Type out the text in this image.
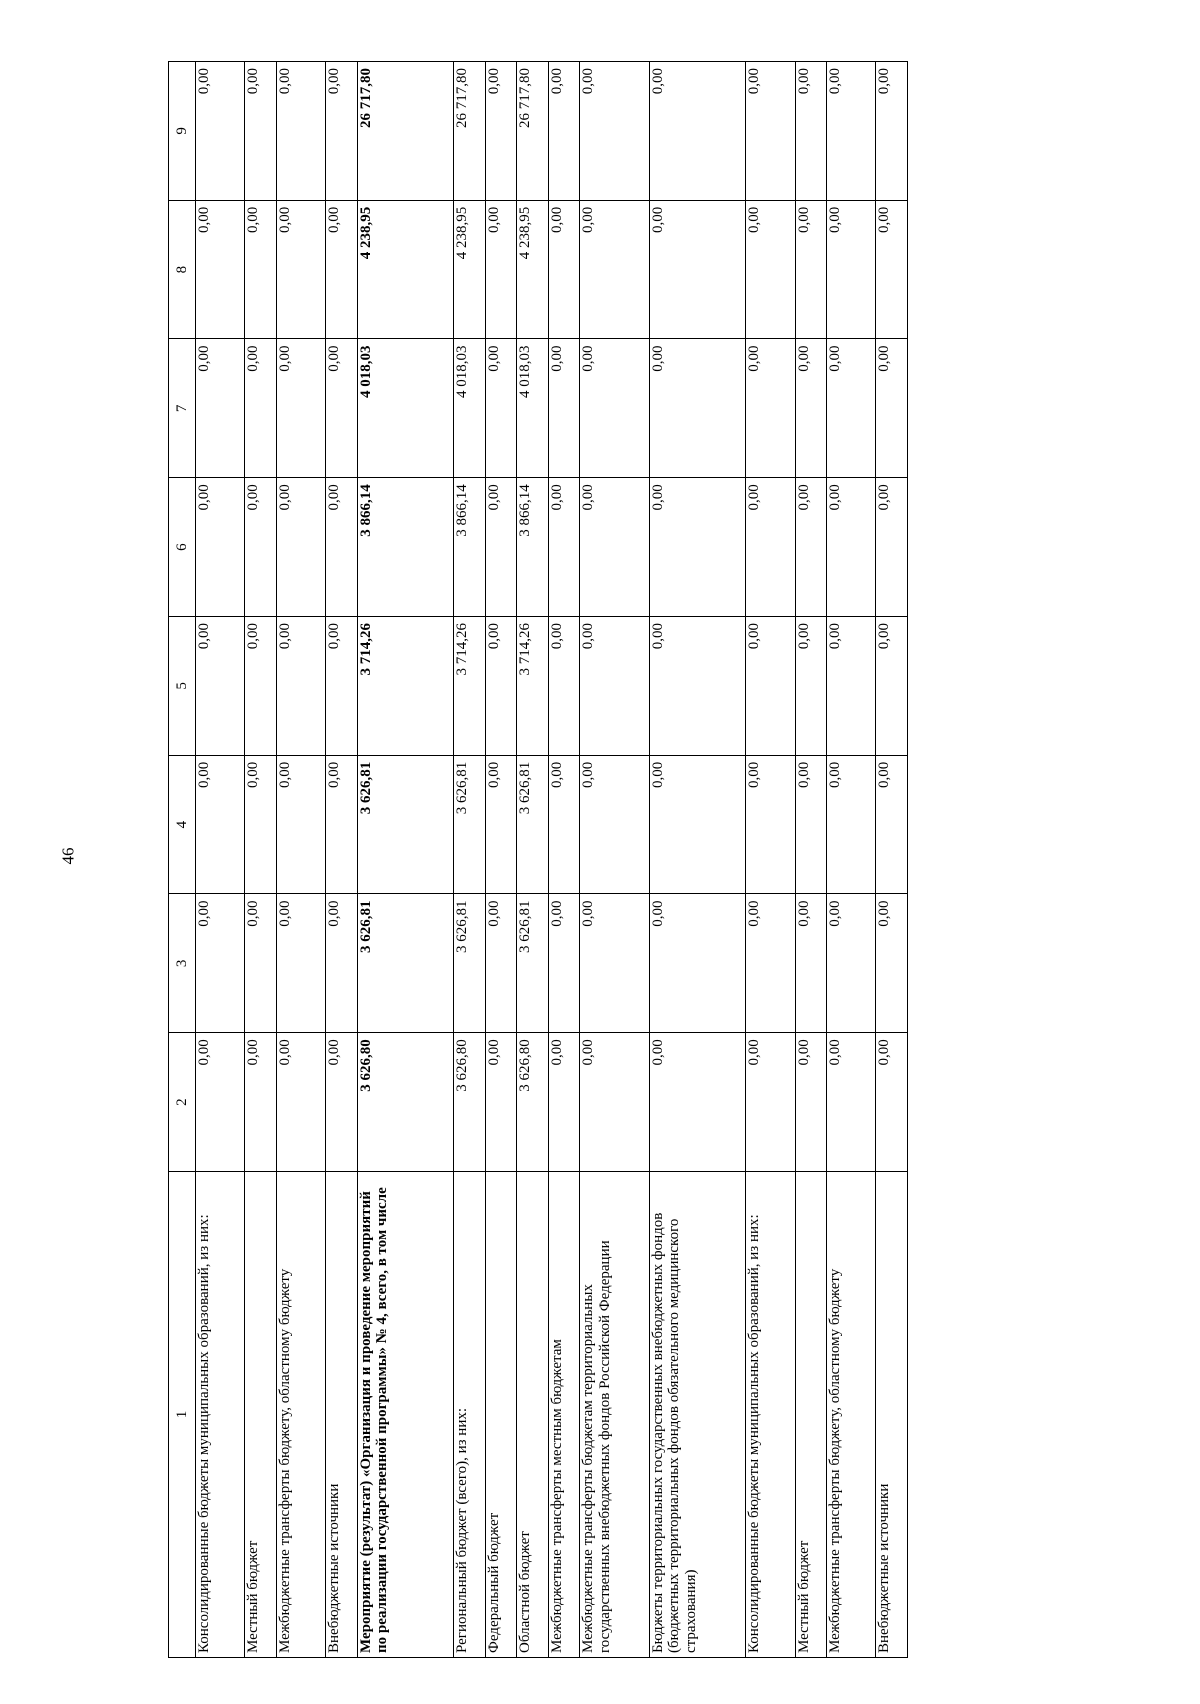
46
1	2	3	4	5	6	7	8	9
Консолидированные бюджеты муниципальных образований, из них:	0,00	0,00	0,00	0,00	0,00	0,00	0,00	0,00
Местный бюджет	0,00	0,00	0,00	0,00	0,00	0,00	0,00	0,00
Межбюджетные трансферты бюджету, областному бюджету	0,00	0,00	0,00	0,00	0,00	0,00	0,00	0,00
Внебюджетные источники	0,00	0,00	0,00	0,00	0,00	0,00	0,00	0,00
Мероприятие (результат) «Организация и проведение мероприятий по реализации государственной программы» № 4, всего, в том числе	3 626,80	3 626,81	3 626,81	3 714,26	3 866,14	4 018,03	4 238,95	26 717,80
Региональный бюджет (всего), из них:	3 626,80	3 626,81	3 626,81	3 714,26	3 866,14	4 018,03	4 238,95	26 717,80
Федеральный бюджет	0,00	0,00	0,00	0,00	0,00	0,00	0,00	0,00
Областной бюджет	3 626,80	3 626,81	3 626,81	3 714,26	3 866,14	4 018,03	4 238,95	26 717,80
Межбюджетные трансферты местным бюджетам	0,00	0,00	0,00	0,00	0,00	0,00	0,00	0,00
Межбюджетные трансферты бюджетам территориальных государственных внебюджетных фондов Российской Федерации	0,00	0,00	0,00	0,00	0,00	0,00	0,00	0,00
Бюджеты территориальных государственных внебюджетных фондов (бюджетных территориальных фондов обязательного медицинского страхования)	0,00	0,00	0,00	0,00	0,00	0,00	0,00	0,00
Консолидированные бюджеты муниципальных образований, из них:	0,00	0,00	0,00	0,00	0,00	0,00	0,00	0,00
Местный бюджет	0,00	0,00	0,00	0,00	0,00	0,00	0,00	0,00
Межбюджетные трансферты бюджету, областному бюджету	0,00	0,00	0,00	0,00	0,00	0,00	0,00	0,00
Внебюджетные источники	0,00	0,00	0,00	0,00	0,00	0,00	0,00	0,00
